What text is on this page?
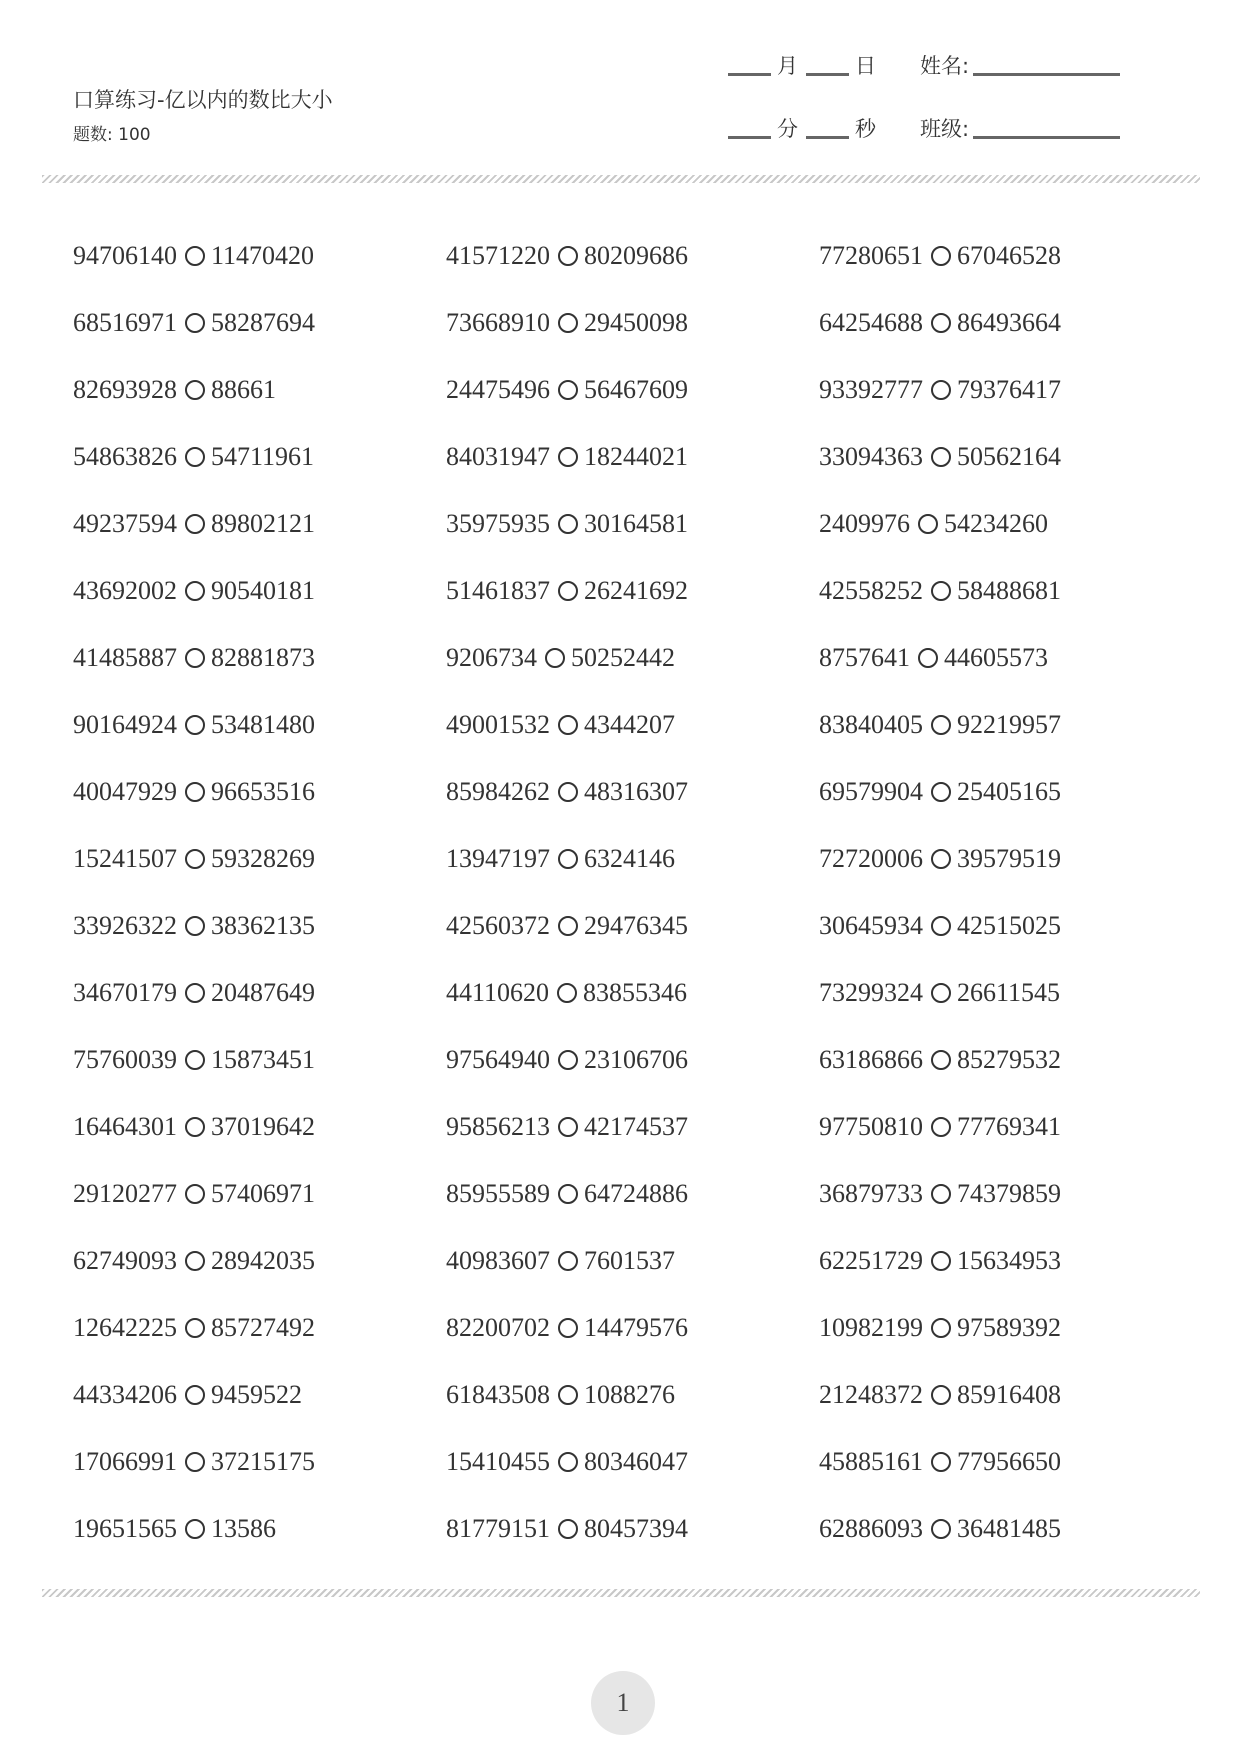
口算练习-亿以内的数比大小
题数: 100
月	日 姓名:
分	秒 班级:
94706140 11470420	41571220 80209686	77280651 67046528
68516971 58287694	73668910 29450098	64254688 86493664
82693928 88661	24475496 56467609	93392777 79376417
54863826 54711961	84031947 18244021	33094363 50562164
49237594 89802121	35975935 30164581	2409976 54234260
43692002 90540181	51461837 26241692	42558252 58488681
41485887 82881873	9206734 50252442	8757641 44605573
90164924 53481480	49001532 4344207	83840405 92219957
40047929 96653516	85984262 48316307	69579904 25405165
15241507 59328269	13947197 6324146	72720006 39579519
33926322 38362135	42560372 29476345	30645934 42515025
34670179 20487649	44110620 83855346	73299324 26611545
75760039 15873451	97564940 23106706	63186866 85279532
16464301 37019642	95856213 42174537	97750810 77769341
29120277 57406971	85955589 64724886	36879733 74379859
62749093 28942035	40983607 7601537	62251729 15634953
12642225 85727492	82200702 14479576	10982199 97589392
44334206 9459522	61843508 1088276	21248372 85916408
17066991 37215175	15410455 80346047	45885161 77956650
19651565 13586	81779151 80457394	62886093 36481485
1
